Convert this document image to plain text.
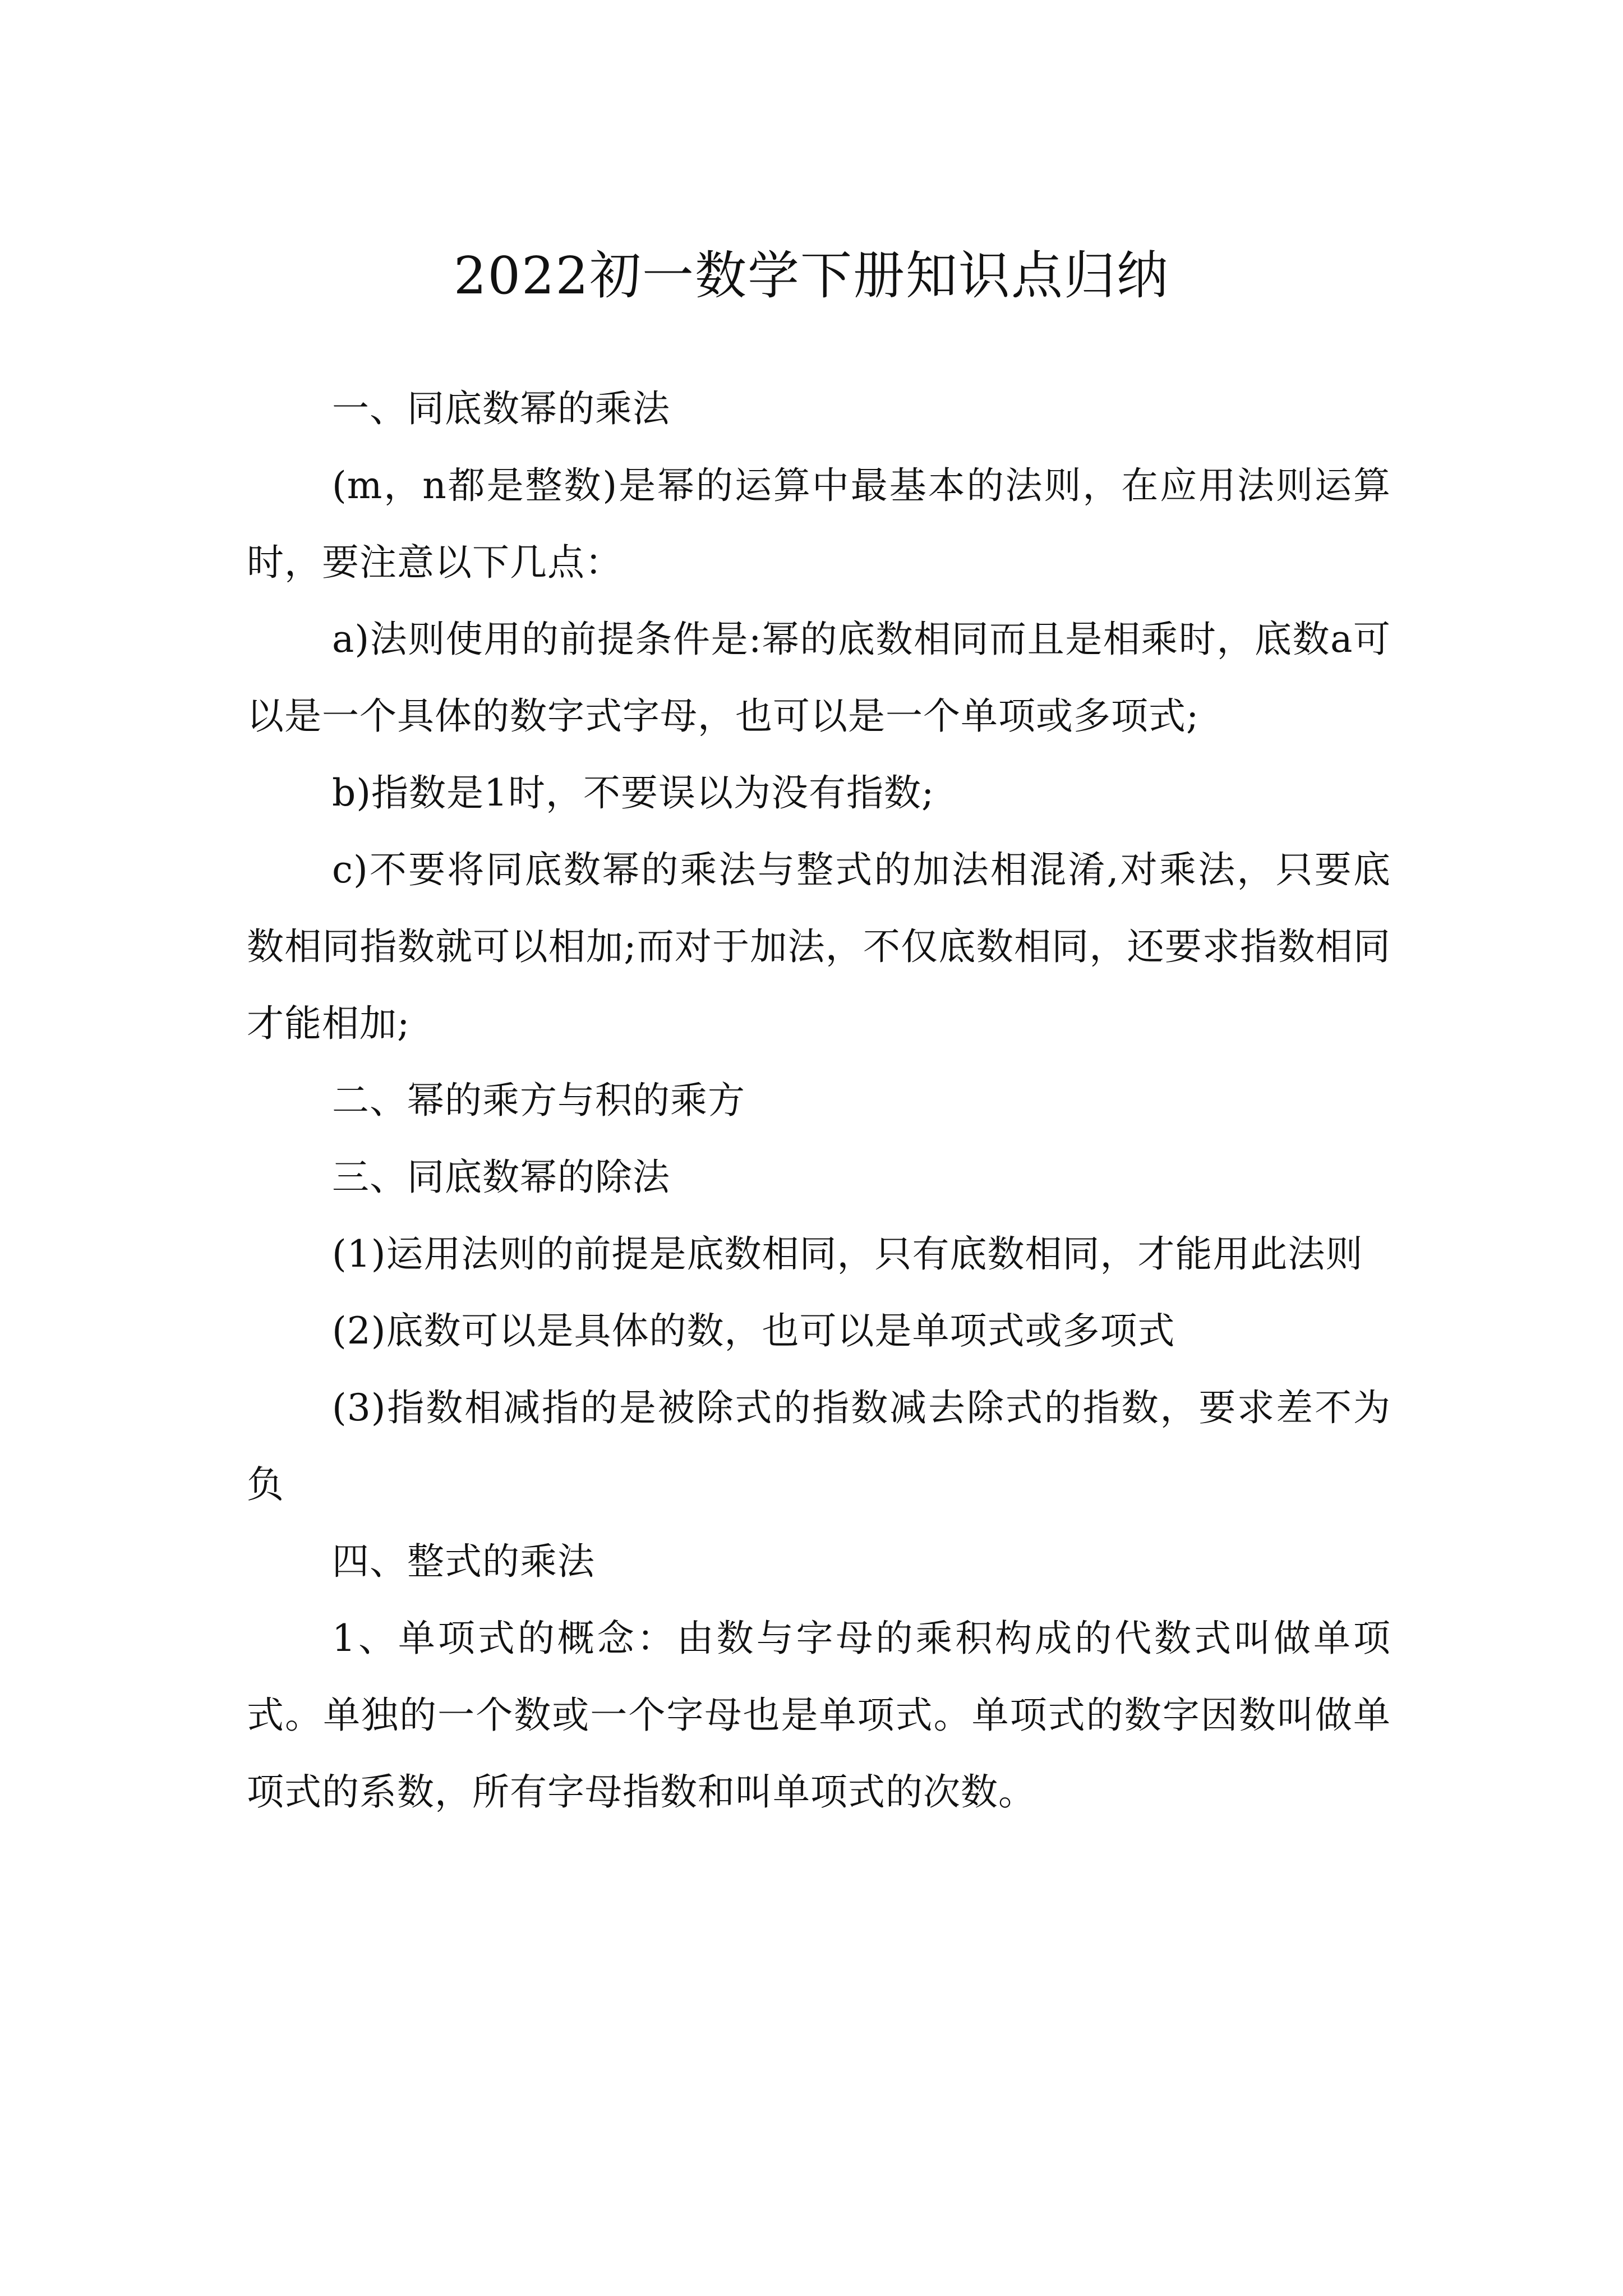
2022初一数学下册知识点归纳

一、同底数幂的乘法

(m，n都是整数)是幂的运算中最基本的法则，在应用法则运算时，要注意以下几点：

a)法则使用的前提条件是:幂的底数相同而且是相乘时，底数a可以是一个具体的数字式字母，也可以是一个单项或多项式;

b)指数是1时，不要误以为没有指数;

c)不要将同底数幂的乘法与整式的加法相混淆,对乘法，只要底数相同指数就可以相加;而对于加法，不仅底数相同，还要求指数相同才能相加;

二、幂的乘方与积的乘方

三、同底数幂的除法

(1)运用法则的前提是底数相同，只有底数相同，才能用此法则

(2)底数可以是具体的数，也可以是单项式或多项式

(3)指数相减指的是被除式的指数减去除式的指数，要求差不为负

四、整式的乘法

1、单项式的概念：由数与字母的乘积构成的代数式叫做单项式。单独的一个数或一个字母也是单项式。单项式的数字因数叫做单项式的系数，所有字母指数和叫单项式的次数。
